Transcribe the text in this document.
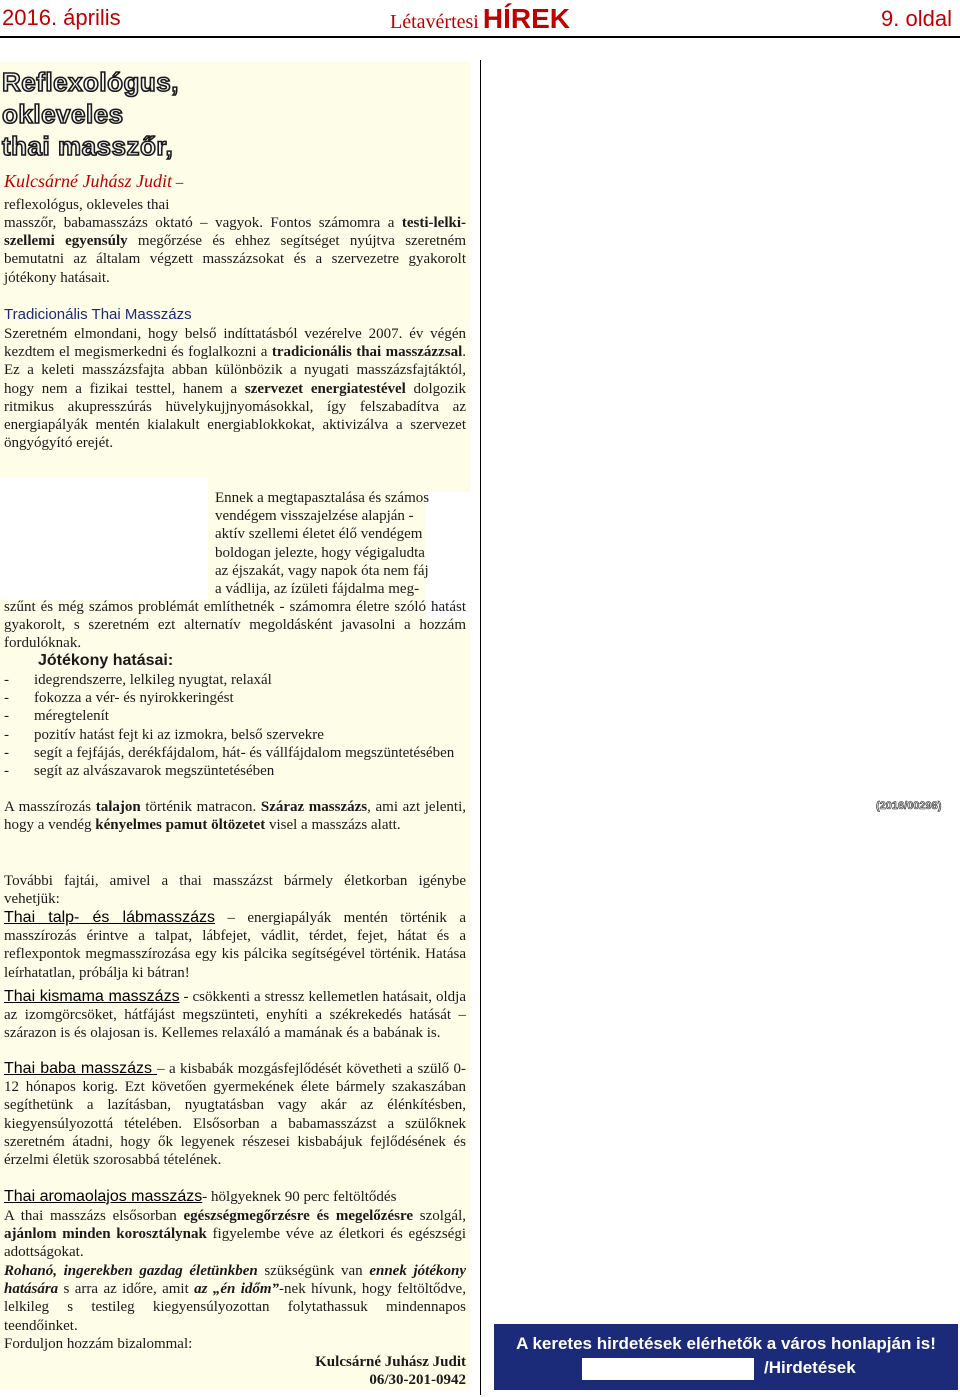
2016. április	Létavértesi HÍREK	9. oldal
Reflexológus,
okleveles
thai masszőr,
Kulcsárné Juhász Judit –
reflexológus, okleveles thai

masszőr, babamasszázs oktató – vagyok. Fontos számomra a testi-lelki-szellemi egyensúly megőrzése és ehhez segítséget nyújtva szeretném bemutatni az általam végzett masszázsokat és a szervezetre gyakorolt jótékony hatásait.

Tradicionális Thai Masszázs

Szeretném elmondani, hogy belső indíttatásból vezérelve 2007. év végén kezdtem el megismerkedni és foglalkozni a tradicionális thai masszázzsal. Ez a keleti masszázsfajta abban különbözik a nyugati masszázsfajtáktól, hogy nem a fizikai testtel, hanem a szervezet energiatestével dolgozik ritmikus akupresszúrás hüvelykujjnyomásokkal, így felszabadítva az energiapályák mentén kialakult energiablokkokat, aktivizálva a szervezet öngyógyító erejét.

Ennek a megtapasztalása és számos
vendégem visszajelzése alapján -
aktív szellemi életet élő vendégem
boldogan jelezte, hogy végigaludta
az éjszakát, vagy napok óta nem fáj
a vádlija, az ízületi fájdalma meg-

szűnt és még számos problémát említhetnék - számomra életre szóló hatást gyakorolt, s szeretném ezt alternatív megoldásként javasolni a hozzám fordulóknak.

Jótékony hatásai:
- idegrendszerre, lelkileg nyugtat, relaxál
- fokozza a vér- és nyirokkeringést
- méregtelenít
- pozitív hatást fejt ki az izmokra, belső szervekre
- segít a fejfájás, derékfájdalom, hát- és vállfájdalom megszüntetésében
- segít az alvászavarok megszüntetésében

A masszírozás talajon történik matracon. Száraz masszázs, ami azt jelenti, hogy a vendég kényelmes pamut öltözetet visel a masszázs alatt.

További fajtái, amivel a thai masszázst bármely életkorban igénybe vehetjük:

Thai talp- és lábmasszázs – energiapályák mentén történik a masszírozás érintve a talpat, lábfejet, vádlit, térdet, fejet, hátat és a reflexpontok megmasszírozása egy kis pálcika segítségével történik. Hatása leírhatatlan, próbálja ki bátran!

Thai kismama masszázs - csökkenti a stressz kellemetlen hatásait, oldja az izomgörcsöket, hátfájást megszünteti, enyhíti a székrekedés hatását – szárazon is és olajosan is. Kellemes relaxáló a mamának és a babának is.

Thai baba masszázs – a kisbabák mozgásfejlődését követheti a szülő 0-12 hónapos korig. Ezt követően gyermekének élete bármely szakaszában segíthetünk a lazításban, nyugtatásban vagy akár az élénkítésben, kiegyensúlyozottá tételében. Elsősorban a babamasszázst a szülőknek szeretném átadni, hogy ők legyenek részesei kisbabájuk fejlődésének és érzelmi életük szorosabbá tételének.

Thai aromaolajos masszázs- hölgyeknek 90 perc feltöltődés

A thai masszázs elsősorban egészségmegőrzésre és megelőzésre szolgál, ajánlom minden korosztálynak figyelembe véve az életkori és egészségi adottságokat.

Rohanó, ingerekben gazdag életünkben szükségünk van ennek jótékony hatására s arra az időre, amit az „én időm”-nek hívunk, hogy feltöltődve, lelkileg s testileg kiegyensúlyozottan folytathassuk mindennapos teendőinket.

Forduljon hozzám bizalommal:
Kulcsárné Juhász Judit
06/30-201-0942
(2016/00298)
A keretes hirdetések elérhetők a város honlapján is!
/Hirdetések
